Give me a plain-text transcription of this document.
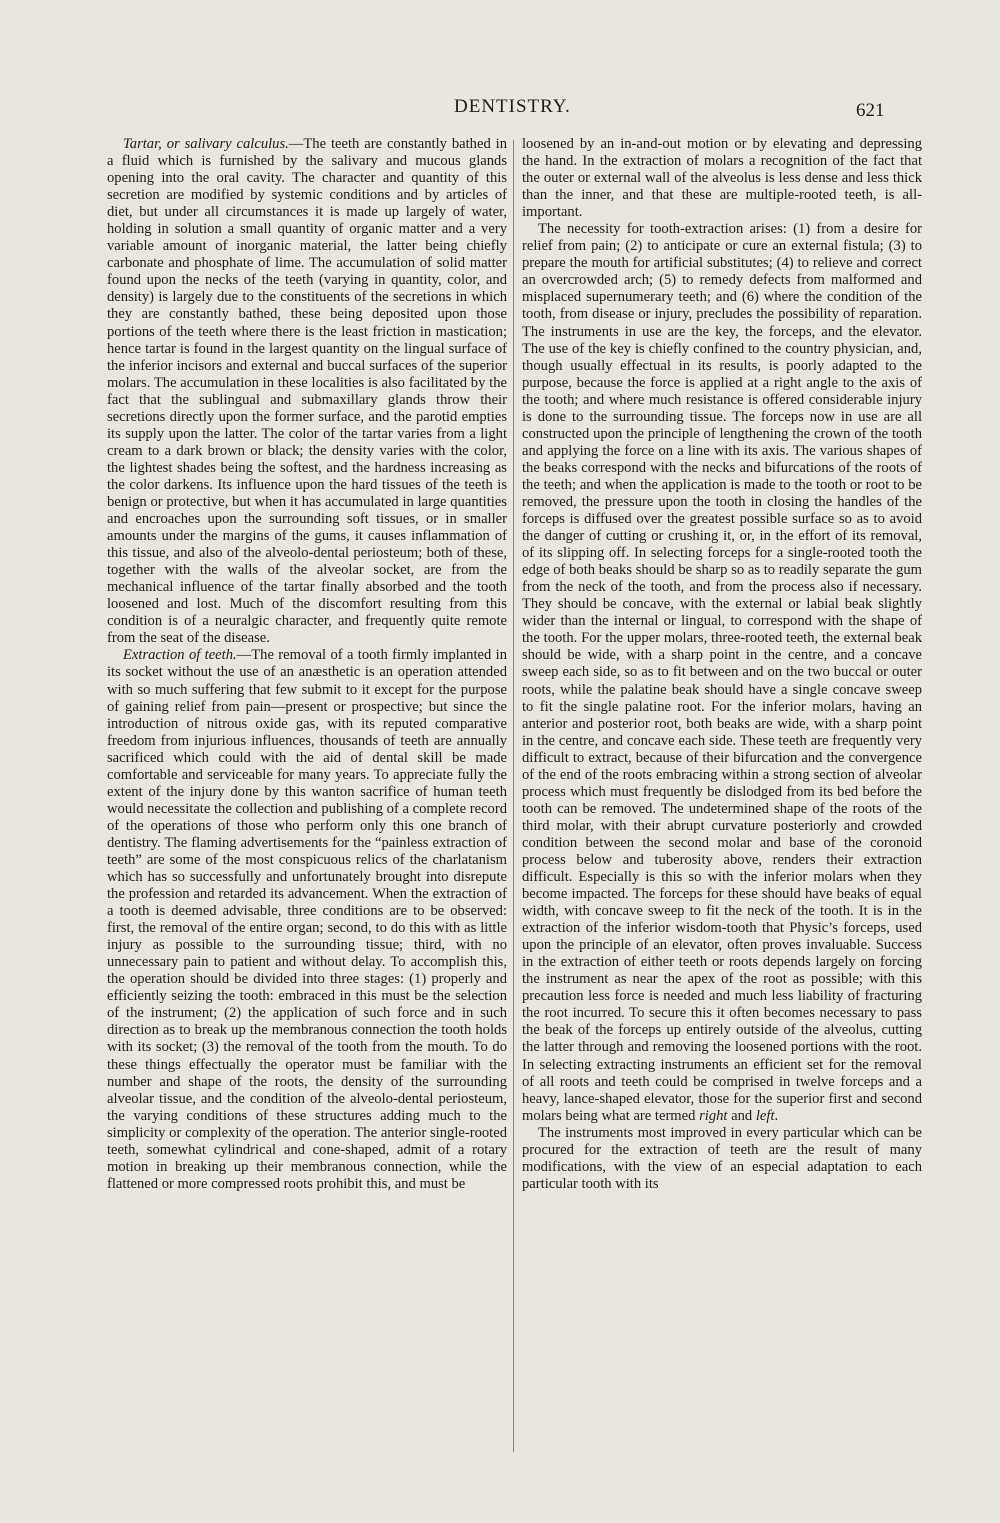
DENTISTRY.	621

Tartar, or salivary calculus.—The teeth are constantly bathed in a fluid which is furnished by the salivary and mucous glands opening into the oral cavity. The character and quantity of this secretion are modified by systemic conditions and by articles of diet, but under all circumstances it is made up largely of water, holding in solution a small quantity of organic matter and a very variable amount of inorganic material, the latter being chiefly carbonate and phosphate of lime. The accumulation of solid matter found upon the necks of the teeth (varying in quantity, color, and density) is largely due to the constituents of the secretions in which they are constantly bathed, these being deposited upon those portions of the teeth where there is the least friction in mastication; hence tartar is found in the largest quantity on the lingual surface of the inferior incisors and external and buccal surfaces of the superior molars. The accumulation in these localities is also facilitated by the fact that the sublingual and submaxillary glands throw their secretions directly upon the former surface, and the parotid empties its supply upon the latter. The color of the tartar varies from a light cream to a dark brown or black; the density varies with the color, the lightest shades being the softest, and the hardness increasing as the color darkens. Its influence upon the hard tissues of the teeth is benign or protective, but when it has accumulated in large quantities and encroaches upon the surrounding soft tissues, or in smaller amounts under the margins of the gums, it causes inflammation of this tissue, and also of the alveolo-dental periosteum; both of these, together with the walls of the alveolar socket, are from the mechanical influence of the tartar finally absorbed and the tooth loosened and lost. Much of the discomfort resulting from this condition is of a neuralgic character, and frequently quite remote from the seat of the disease.

Extraction of teeth.—The removal of a tooth firmly implanted in its socket without the use of an anæsthetic is an operation attended with so much suffering that few submit to it except for the purpose of gaining relief from pain—present or prospective; but since the introduction of nitrous oxide gas, with its reputed comparative freedom from injurious influences, thousands of teeth are annually sacrificed which could with the aid of dental skill be made comfortable and serviceable for many years. To appreciate fully the extent of the injury done by this wanton sacrifice of human teeth would necessitate the collection and publishing of a complete record of the operations of those who perform only this one branch of dentistry. The flaming advertisements for the “painless extraction of teeth” are some of the most conspicuous relics of the charlatanism which has so successfully and unfortunately brought into disrepute the profession and retarded its advancement. When the extraction of a tooth is deemed advisable, three conditions are to be observed: first, the removal of the entire organ; second, to do this with as little injury as possible to the surrounding tissue; third, with no unnecessary pain to patient and without delay. To accomplish this, the operation should be divided into three stages: (1) properly and efficiently seizing the tooth: embraced in this must be the selection of the instrument; (2) the application of such force and in such direction as to break up the membranous connection the tooth holds with its socket; (3) the removal of the tooth from the mouth. To do these things effectually the operator must be familiar with the number and shape of the roots, the density of the surrounding alveolar tissue, and the condition of the alveolo-dental periosteum, the varying conditions of these structures adding much to the simplicity or complexity of the operation. The anterior single-rooted teeth, somewhat cylindrical and cone-shaped, admit of a rotary motion in breaking up their membranous connection, while the flattened or more compressed roots prohibit this, and must be

loosened by an in-and-out motion or by elevating and depressing the hand. In the extraction of molars a recognition of the fact that the outer or external wall of the alveolus is less dense and less thick than the inner, and that these are multiple-rooted teeth, is all-important.

The necessity for tooth-extraction arises: (1) from a desire for relief from pain; (2) to anticipate or cure an external fistula; (3) to prepare the mouth for artificial substitutes; (4) to relieve and correct an overcrowded arch; (5) to remedy defects from malformed and misplaced supernumerary teeth; and (6) where the condition of the tooth, from disease or injury, precludes the possibility of reparation. The instruments in use are the key, the forceps, and the elevator. The use of the key is chiefly confined to the country physician, and, though usually effectual in its results, is poorly adapted to the purpose, because the force is applied at a right angle to the axis of the tooth; and where much resistance is offered considerable injury is done to the surrounding tissue. The forceps now in use are all constructed upon the principle of lengthening the crown of the tooth and applying the force on a line with its axis. The various shapes of the beaks correspond with the necks and bifurcations of the roots of the teeth; and when the application is made to the tooth or root to be removed, the pressure upon the tooth in closing the handles of the forceps is diffused over the greatest possible surface so as to avoid the danger of cutting or crushing it, or, in the effort of its removal, of its slipping off. In selecting forceps for a single-rooted tooth the edge of both beaks should be sharp so as to readily separate the gum from the neck of the tooth, and from the process also if necessary. They should be concave, with the external or labial beak slightly wider than the internal or lingual, to correspond with the shape of the tooth. For the upper molars, three-rooted teeth, the external beak should be wide, with a sharp point in the centre, and a concave sweep each side, so as to fit between and on the two buccal or outer roots, while the palatine beak should have a single concave sweep to fit the single palatine root. For the inferior molars, having an anterior and posterior root, both beaks are wide, with a sharp point in the centre, and concave each side. These teeth are frequently very difficult to extract, because of their bifurcation and the convergence of the end of the roots embracing within a strong section of alveolar process which must frequently be dislodged from its bed before the tooth can be removed. The undetermined shape of the roots of the third molar, with their abrupt curvature posteriorly and crowded condition between the second molar and base of the coronoid process below and tuberosity above, renders their extraction difficult. Especially is this so with the inferior molars when they become impacted. The forceps for these should have beaks of equal width, with concave sweep to fit the neck of the tooth. It is in the extraction of the inferior wisdom-tooth that Physic’s forceps, used upon the principle of an elevator, often proves invaluable. Success in the extraction of either teeth or roots depends largely on forcing the instrument as near the apex of the root as possible; with this precaution less force is needed and much less liability of fracturing the root incurred. To secure this it often becomes necessary to pass the beak of the forceps up entirely outside of the alveolus, cutting the latter through and removing the loosened portions with the root. In selecting extracting instruments an efficient set for the removal of all roots and teeth could be comprised in twelve forceps and a heavy, lance-shaped elevator, those for the superior first and second molars being what are termed right and left.

The instruments most improved in every particular which can be procured for the extraction of teeth are the result of many modifications, with the view of an especial adaptation to each particular tooth with its
